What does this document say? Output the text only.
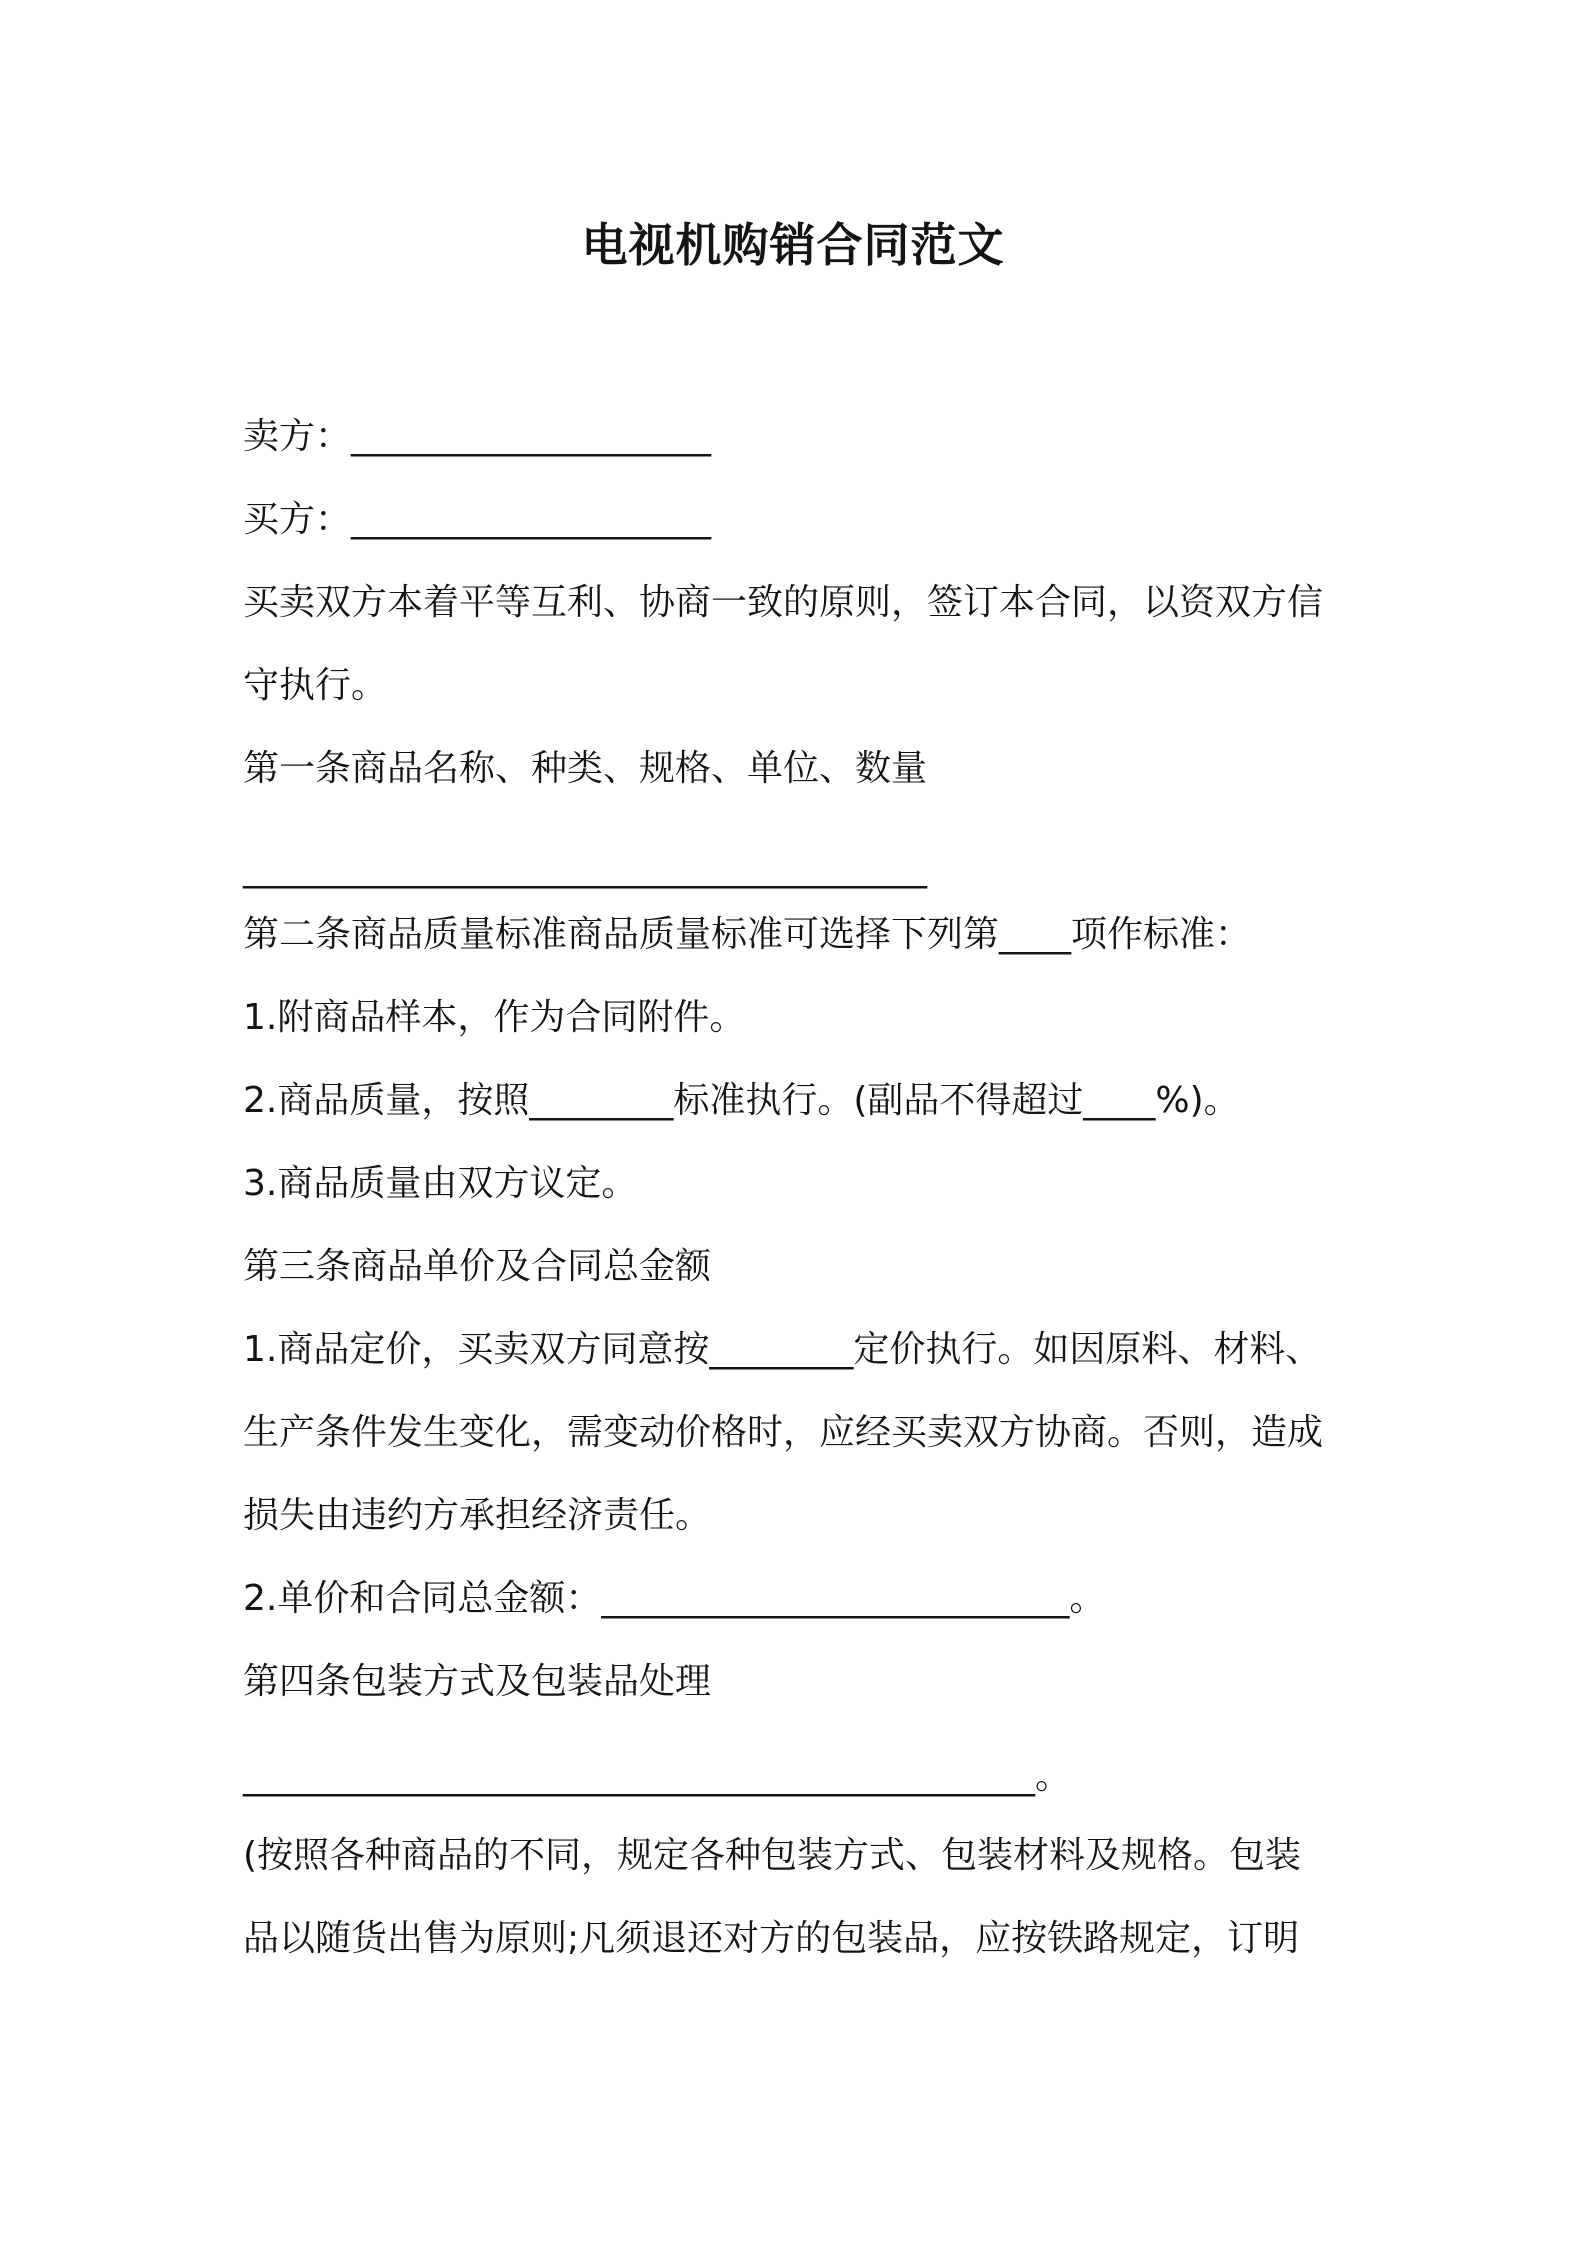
电视机购销合同范文
卖方：____________________
买方：____________________
买卖双方本着平等互利、协商一致的原则，签订本合同，以资双方信
守执行。
第一条商品名称、种类、规格、单位、数量
______________________________________
第二条商品质量标准商品质量标准可选择下列第____项作标准：
1.附商品样本，作为合同附件。
2.商品质量，按照________标准执行。(副品不得超过____%)。
3.商品质量由双方议定。
第三条商品单价及合同总金额
1.商品定价，买卖双方同意按________定价执行。如因原料、材料、
生产条件发生变化，需变动价格时，应经买卖双方协商。否则，造成
损失由违约方承担经济责任。
2.单价和合同总金额：__________________________。
第四条包装方式及包装品处理
____________________________________________。
(按照各种商品的不同，规定各种包装方式、包装材料及规格。包装
品以随货出售为原则;凡须退还对方的包装品，应按铁路规定，订明
